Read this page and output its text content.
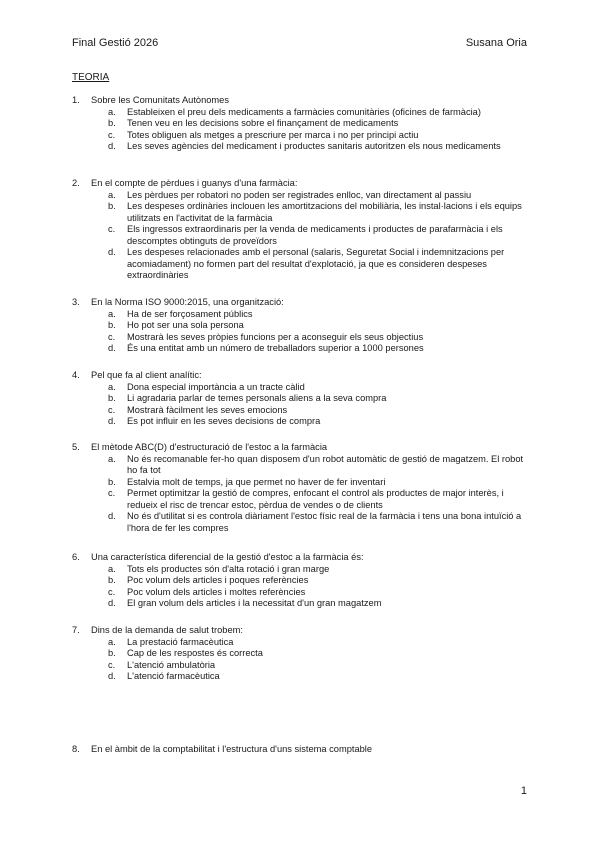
Final Gestió 2026	Susana Oria
TEORIA
1.	Sobre les Comunitats Autònomes
a.	Estableixen el preu dels medicaments a farmàcies comunitàries (oficines de farmàcia)
b.	Tenen veu en les decisions sobre el finançament de medicaments
c.	Totes obliguen als metges a prescriure per marca i no per principi actiu
d.	Les seves agències del medicament i productes sanitaris autoritzen els nous medicaments
2.	En el compte de pèrdues i guanys d'una farmàcia:
a.	Les pèrdues per robatori no poden ser registrades enlloc, van directament al passiu
b.	Les despeses ordinàries inclouen les amortitzacions del mobiliària, les instal·lacions i els equips utilitzats en l'activitat de la farmàcia
c.	Els ingressos extraordinaris per la venda de medicaments i productes de parafarmàcia i els descomptes obtinguts de proveïdors
d.	Les despeses relacionades amb el personal (salaris, Seguretat Social i indemnitzacions per acomiadament) no formen part del resultat d'explotació, ja que es consideren despeses extraordinàries
3.	En la Norma ISO 9000:2015, una organització:
a.	Ha de ser forçosament públics
b.	Ho pot ser una sola persona
c.	Mostrarà les seves pròpies funcions per a aconseguir els seus objectius
d.	És una entitat amb un número de treballadors superior a 1000 persones
4.	Pel que fa al client analític:
a.	Dona especial importància a un tracte càlid
b.	Li agradaria parlar de temes personals aliens a la seva compra
c.	Mostrarà fàcilment les seves emocions
d.	Es pot influir en les seves decisions de compra
5.	El mètode ABC(D) d'estructuració de l'estoc a la farmàcia
a.	No és recomanable fer-ho quan disposem d'un robot automàtic de gestió de magatzem. El robot ho fa tot
b.	Estalvia molt de temps, ja que permet no haver de fer inventari
c.	Permet optimitzar la gestió de compres, enfocant el control als productes de major interès, i redueix el risc de trencar estoc, pèrdua de vendes o de clients
d.	No és d'utilitat si es controla diàriament l'estoc físic real de la farmàcia i tens una bona intuïció a l'hora de fer les compres
6.	Una característica diferencial de la gestió d'estoc a la farmàcia és:
a.	Tots els productes són d'alta rotació i gran marge
b.	Poc volum dels articles i poques referències
c.	Poc volum dels articles i moltes referències
d.	El gran volum dels articles i la necessitat d'un gran magatzem
7.	Dins de la demanda de salut trobem:
a.	La prestació farmacèutica
b.	Cap de les respostes és correcta
c.	L'atenció ambulatòria
d.	L'atenció farmacèutica
8.	En el àmbit de la comptabilitat i l'estructura d'uns sistema comptable
1
